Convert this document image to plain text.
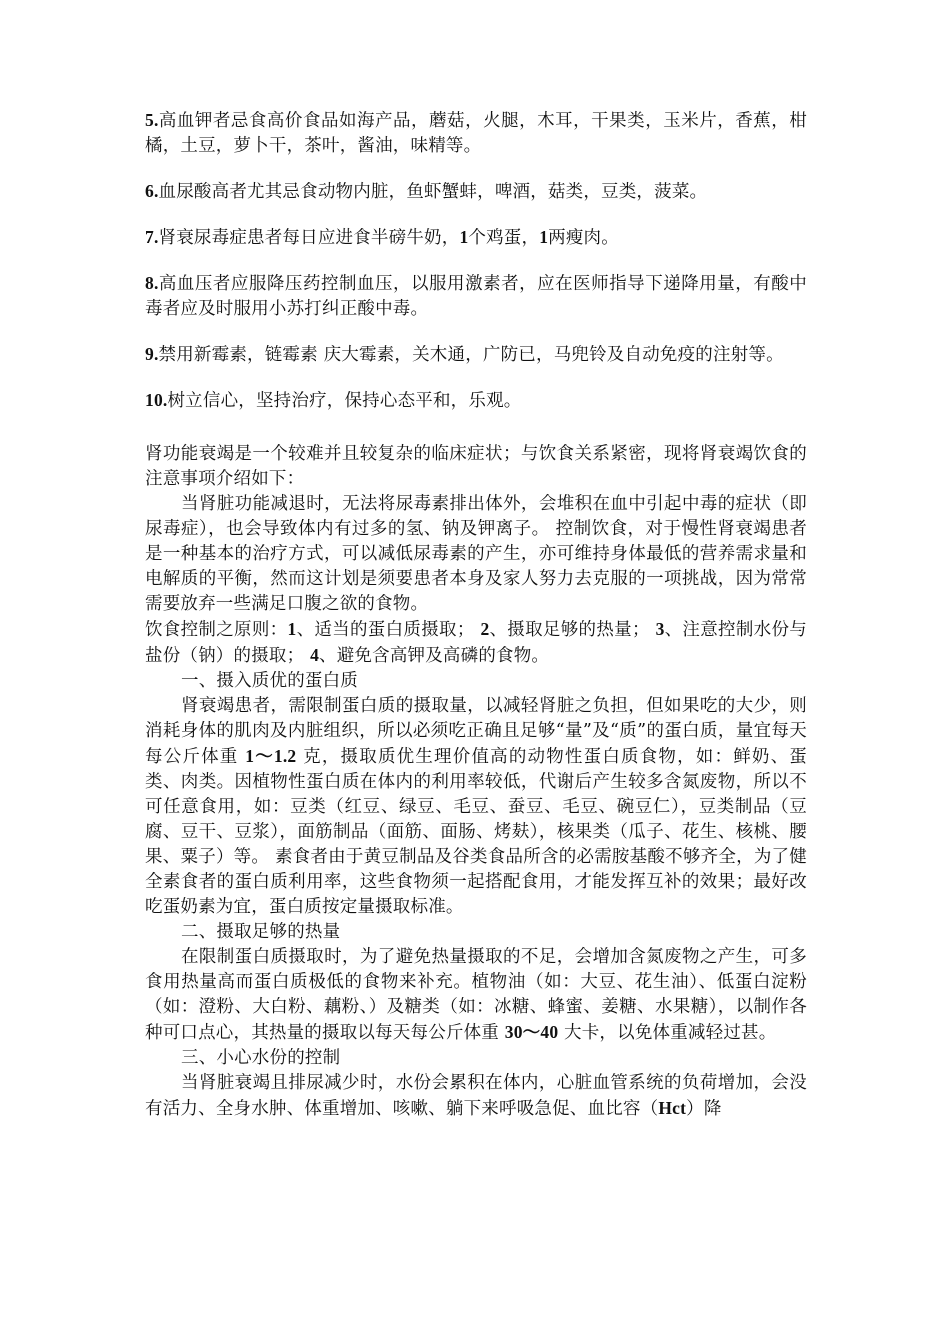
5.高血钾者忌食高价食品如海产品，蘑菇，火腿，木耳，干果类，玉米片，香蕉，柑橘，土豆，萝卜干，茶叶，酱油，味精等。

6.血尿酸高者尤其忌食动物内脏，鱼虾蟹蚌，啤酒，菇类，豆类，菠菜。

7.肾衰尿毒症患者每日应进食半磅牛奶，1个鸡蛋，1两瘦肉。

8.高血压者应服降压药控制血压，以服用激素者，应在医师指导下递降用量，有酸中毒者应及时服用小苏打纠正酸中毒。

9.禁用新霉素，链霉素 庆大霉素，关木通，广防已，马兜铃及自动免疫的注射等。

10.树立信心，坚持治疗，保持心态平和，乐观。

肾功能衰竭是一个较难并且较复杂的临床症状；与饮食关系紧密，现将肾衰竭饮食的注意事项介绍如下：

当肾脏功能减退时，无法将尿毒素排出体外，会堆积在血中引起中毒的症状（即尿毒症），也会导致体内有过多的氢、钠及钾离子。 控制饮食，对于慢性肾衰竭患者是一种基本的治疗方式，可以减低尿毒素的产生，亦可维持身体最低的营养需求量和电解质的平衡，然而这计划是须要患者本身及家人努力去克服的一项挑战，因为常常需要放弃一些满足口腹之欲的食物。

饮食控制之原则：1、适当的蛋白质摄取； 2、摄取足够的热量； 3、注意控制水份与盐份（钠）的摄取； 4、避免含高钾及高磷的食物。

一、摄入质优的蛋白质

肾衰竭患者，需限制蛋白质的摄取量，以减轻肾脏之负担，但如果吃的大少，则消耗身体的肌肉及内脏组织，所以必须吃正确且足够“量”及“质”的蛋白质，量宜每天每公斤体重 1～1.2 克，摄取质优生理价值高的动物性蛋白质食物，如：鲜奶、蛋类、肉类。因植物性蛋白质在体内的利用率较低，代谢后产生较多含氮废物，所以不可任意食用，如：豆类（红豆、绿豆、毛豆、蚕豆、毛豆、碗豆仁），豆类制品（豆腐、豆干、豆浆），面筋制品（面筋、面肠、烤麸），核果类（瓜子、花生、核桃、腰果、粟子）等。 素食者由于黄豆制品及谷类食品所含的必需胺基酸不够齐全，为了健全素食者的蛋白质利用率，这些食物须一起搭配食用，才能发挥互补的效果；最好改吃蛋奶素为宜，蛋白质按定量摄取标准。

二、摄取足够的热量

在限制蛋白质摄取时，为了避免热量摄取的不足，会增加含氮废物之产生，可多食用热量高而蛋白质极低的食物来补充。植物油（如：大豆、花生油）、低蛋白淀粉（如：澄粉、大白粉、藕粉、）及糖类（如：冰糖、蜂蜜、姜糖、水果糖），以制作各种可口点心，其热量的摄取以每天每公斤体重 30～40 大卡，以免体重减轻过甚。

三、小心水份的控制

当肾脏衰竭且排尿减少时，水份会累积在体内，心脏血管系统的负荷增加，会没有活力、全身水肿、体重增加、咳嗽、躺下来呼吸急促、血比容（Hct）降
